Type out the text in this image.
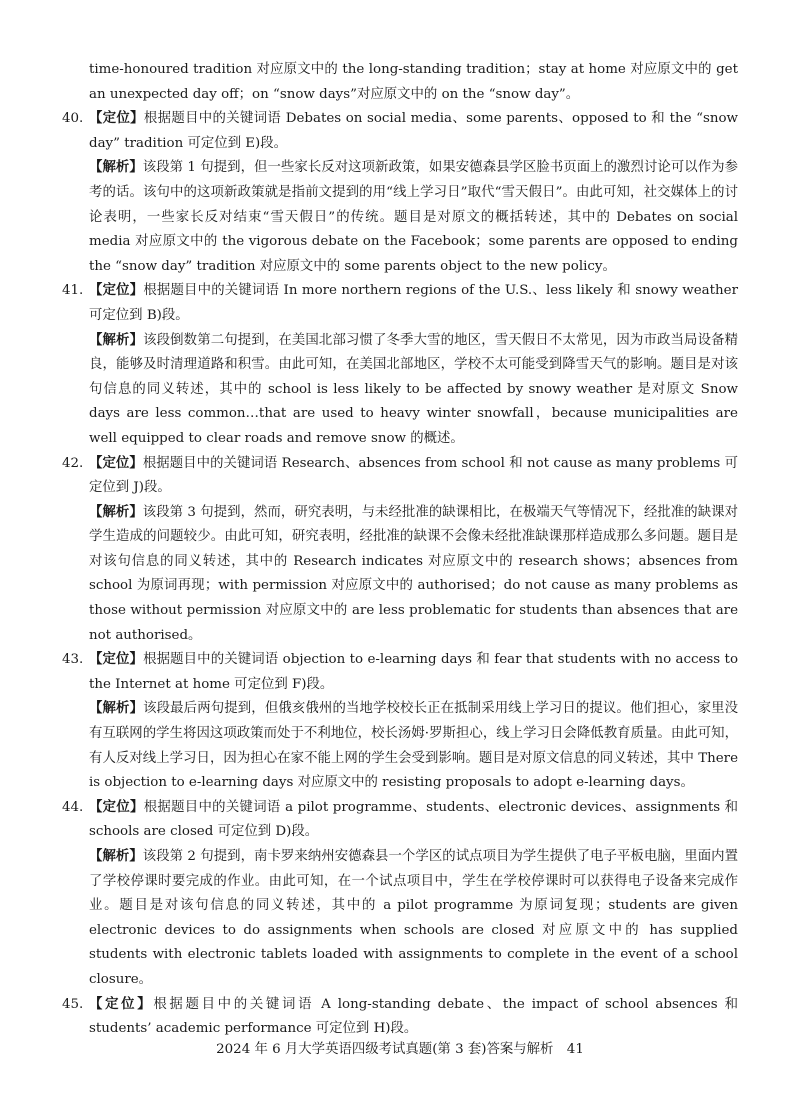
time-honoured tradition 对应原文中的 the long-standing tradition；stay at home 对应原文中的 get an unexpected day off；on “snow days”对应原文中的 on the “snow day”。
40. 【定位】根据题目中的关键词语 Debates on social media、some parents、opposed to 和 the “snow day” tradition 可定位到 E)段。
【解析】该段第 1 句提到，但一些家长反对这项新政策，如果安德森县学区脸书页面上的激烈讨论可以作为参考的话。该句中的这项新政策就是指前文提到的用“线上学习日”取代“雪天假日”。由此可知，社交媒体上的讨论表明，一些家长反对结束“雪天假日”的传统。题目是对原文的概括转述，其中的 Debates on social media 对应原文中的 the vigorous debate on the Facebook；some parents are opposed to ending the “snow day” tradition 对应原文中的 some parents object to the new policy。
41. 【定位】根据题目中的关键词语 In more northern regions of the U.S.、less likely 和 snowy weather 可定位到 B)段。
【解析】该段倒数第二句提到，在美国北部习惯了冬季大雪的地区，雪天假日不太常见，因为市政当局设备精良，能够及时清理道路和积雪。由此可知，在美国北部地区，学校不太可能受到降雪天气的影响。题目是对该句信息的同义转述，其中的 school is less likely to be affected by snowy weather 是对原文 Snow days are less common…that are used to heavy winter snowfall，because municipalities are well equipped to clear roads and remove snow 的概述。
42. 【定位】根据题目中的关键词语 Research、absences from school 和 not cause as many problems 可定位到 J)段。
【解析】该段第 3 句提到，然而，研究表明，与未经批准的缺课相比，在极端天气等情况下，经批准的缺课对学生造成的问题较少。由此可知，研究表明，经批准的缺课不会像未经批准缺课那样造成那么多问题。题目是对该句信息的同义转述，其中的 Research indicates 对应原文中的 research shows；absences from school 为原词再现；with permission 对应原文中的 authorised；do not cause as many problems as those without permission 对应原文中的 are less problematic for students than absences that are not authorised。
43. 【定位】根据题目中的关键词语 objection to e-learning days 和 fear that students with no access to the Internet at home 可定位到 F)段。
【解析】该段最后两句提到，但俄亥俄州的当地学校校长正在抵制采用线上学习日的提议。他们担心，家里没有互联网的学生将因这项政策而处于不利地位，校长汤姆·罗斯担心，线上学习日会降低教育质量。由此可知，有人反对线上学习日，因为担心在家不能上网的学生会受到影响。题目是对原文信息的同义转述，其中 There is objection to e-learning days 对应原文中的 resisting proposals to adopt e-learning days。
44. 【定位】根据题目中的关键词语 a pilot programme、students、electronic devices、assignments 和 schools are closed 可定位到 D)段。
【解析】该段第 2 句提到，南卡罗来纳州安德森县一个学区的试点项目为学生提供了电子平板电脑，里面内置了学校停课时要完成的作业。由此可知，在一个试点项目中，学生在学校停课时可以获得电子设备来完成作业。题目是对该句信息的同义转述，其中的 a pilot programme 为原词复现；students are given electronic devices to do assignments when schools are closed 对应原文中的 has supplied students with electronic tablets loaded with assignments to complete in the event of a school closure。
45. 【定位】根据题目中的关键词语 A long-standing debate、the impact of school absences 和 students’ academic performance 可定位到 H)段。
2024 年 6 月大学英语四级考试真题(第 3 套)答案与解析　41
